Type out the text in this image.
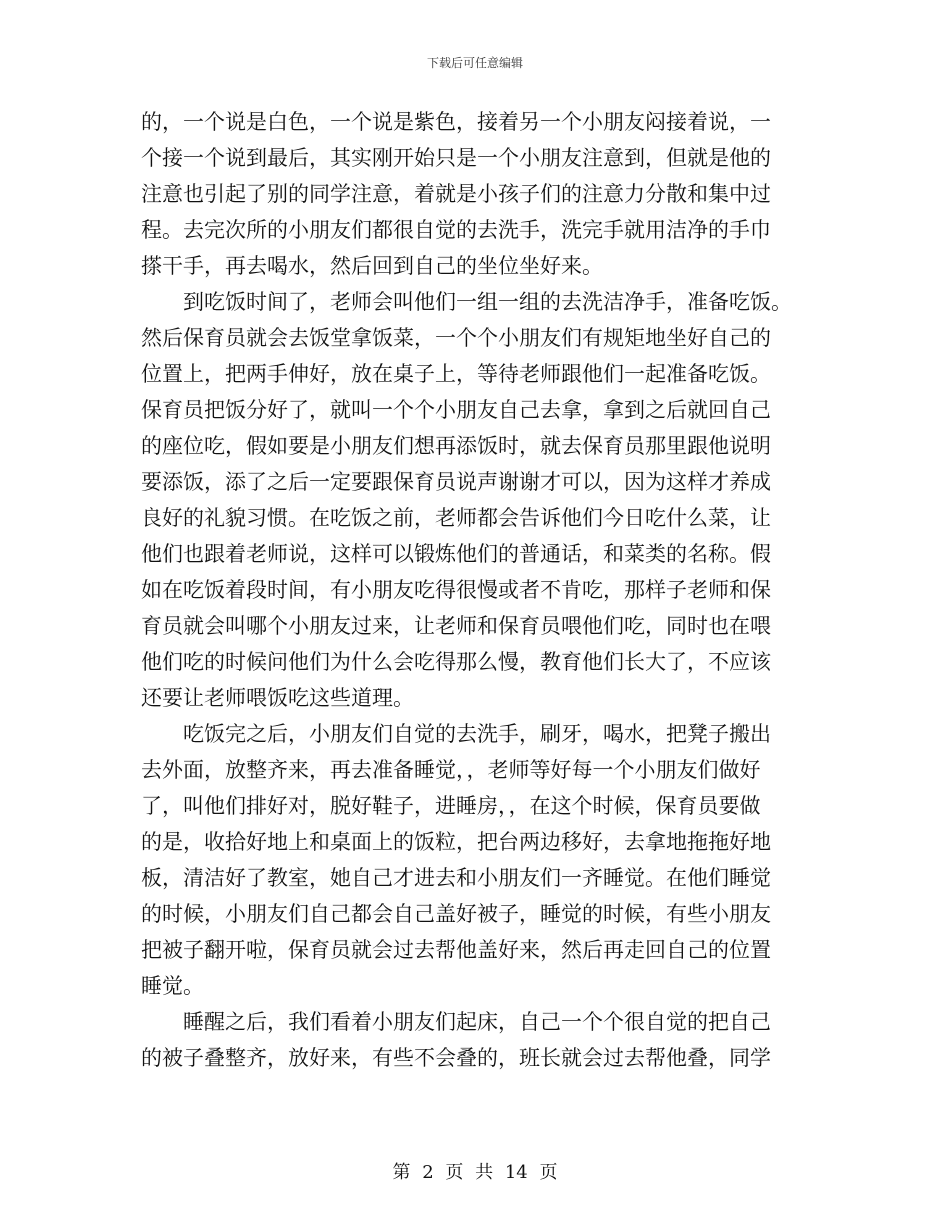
下载后可任意编辑
的，一个说是白色，一个说是紫色，接着另一个小朋友闷接着说，一
个接一个说到最后，其实刚开始只是一个小朋友注意到，但就是他的
注意也引起了别的同学注意，着就是小孩子们的注意力分散和集中过
程。去完次所的小朋友们都很自觉的去洗手，洗完手就用洁净的手巾
搽干手，再去喝水，然后回到自己的坐位坐好来。
到吃饭时间了，老师会叫他们一组一组的去洗洁净手，准备吃饭。
然后保育员就会去饭堂拿饭菜，一个个小朋友们有规矩地坐好自己的
位置上，把两手伸好，放在桌子上，等待老师跟他们一起准备吃饭。
保育员把饭分好了，就叫一个个小朋友自己去拿，拿到之后就回自己
的座位吃，假如要是小朋友们想再添饭时，就去保育员那里跟他说明
要添饭，添了之后一定要跟保育员说声谢谢才可以，因为这样才养成
良好的礼貌习惯。在吃饭之前，老师都会告诉他们今日吃什么菜，让
他们也跟着老师说，这样可以锻炼他们的普通话，和菜类的名称。假
如在吃饭着段时间，有小朋友吃得很慢或者不肯吃，那样子老师和保
育员就会叫哪个小朋友过来，让老师和保育员喂他们吃，同时也在喂
他们吃的时候问他们为什么会吃得那么慢，教育他们长大了，不应该
还要让老师喂饭吃这些道理。
吃饭完之后，小朋友们自觉的去洗手，刷牙，喝水，把凳子搬出
去外面，放整齐来，再去准备睡觉，，老师等好每一个小朋友们做好
了，叫他们排好对，脱好鞋子，进睡房，，在这个时候，保育员要做
的是，收拾好地上和桌面上的饭粒，把台两边移好，去拿地拖拖好地
板，清洁好了教室，她自己才进去和小朋友们一齐睡觉。在他们睡觉
的时候，小朋友们自己都会自己盖好被子，睡觉的时候，有些小朋友
把被子翻开啦，保育员就会过去帮他盖好来，然后再走回自己的位置
睡觉。
睡醒之后，我们看着小朋友们起床，自己一个个很自觉的把自己
的被子叠整齐，放好来，有些不会叠的，班长就会过去帮他叠，同学
第 2 页 共 14 页
